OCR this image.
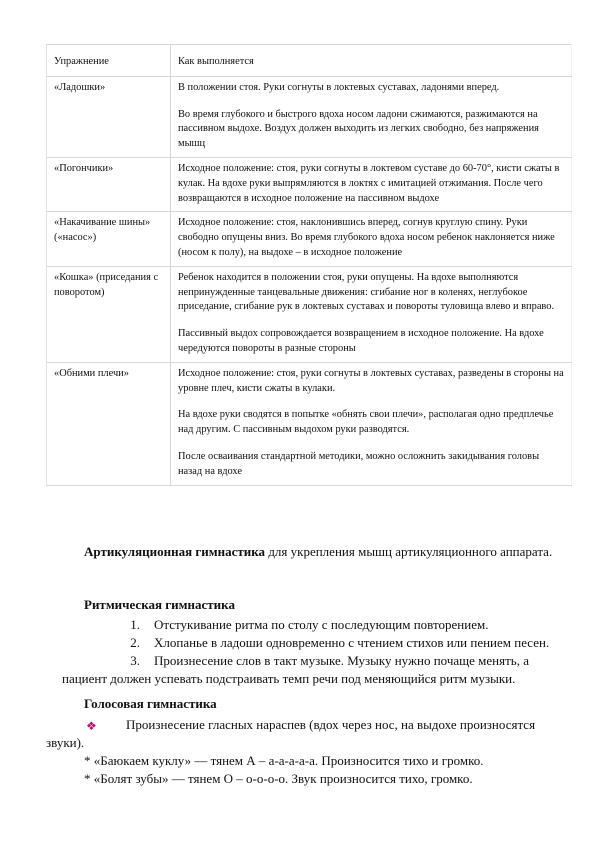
Упражнение	Как выполняется
«Ладошки»	В положении стоя. Руки согнуты в локтевых суставах, ладонями вперед.

Во время глубокого и быстрого вдоха носом ладони сжимаются, разжимаются на пассивном выдохе. Воздух должен выходить из легких свободно, без напряжения мышц

«Погончики»	Исходное положение: стоя, руки согнуты в локтевом суставе до 60-70°, кисти сжаты в кулак. На вдохе руки выпрямляются в локтях с имитацией отжимания. После чего возвращаются в исходное положение на пассивном выдохе

«Накачивание шины» («насос»)	Исходное положение: стоя, наклонившись вперед, согнув круглую спину. Руки свободно опущены вниз. Во время глубокого вдоха носом ребенок наклоняется ниже (носом к полу), на выдохе – в исходное положение

«Кошка» (приседания с поворотом)	Ребенок находится в положении стоя, руки опущены. На вдохе выполняются непринужденные танцевальные движения: сгибание ног в коленях, неглубокое приседание, сгибание рук в локтевых суставах и повороты туловища влево и вправо.

Пассивный выдох сопровождается возвращением в исходное положение. На вдохе чередуются повороты в разные стороны

«Обними плечи»	Исходное положение: стоя, руки согнуты в локтевых суставах, разведены в стороны на уровне плеч, кисти сжаты в кулаки.

На вдохе руки сводятся в попытке «обнять свои плечи», располагая одно предплечье над другим. С пассивным выдохом руки разводятся.

После осваивания стандартной методики, можно осложнить закидывания головы назад на вдохе

Артикуляционная гимнастика для укрепления мышц артикуляционного аппарата.
Ритмическая гимнастика
1.	Отстукивание ритма по столу с последующим повторением.
2.	Хлопанье в ладоши одновременно с чтением стихов или пением песен.
3.	Произнесение слов в такт музыке. Музыку нужно почаще менять, а
пациент должен успевать подстраивать темп речи под меняющийся ритм музыки.
Голосовая гимнастика
❖ Произнесение гласных нараспев (вдох через нос, на выдохе произносятся звуки).
* «Баюкаем куклу» — тянем А – а-а-а-а-а. Произносится тихо и громко.
* «Болят зубы» — тянем О – о-о-о-о. Звук произносится тихо, громко.
